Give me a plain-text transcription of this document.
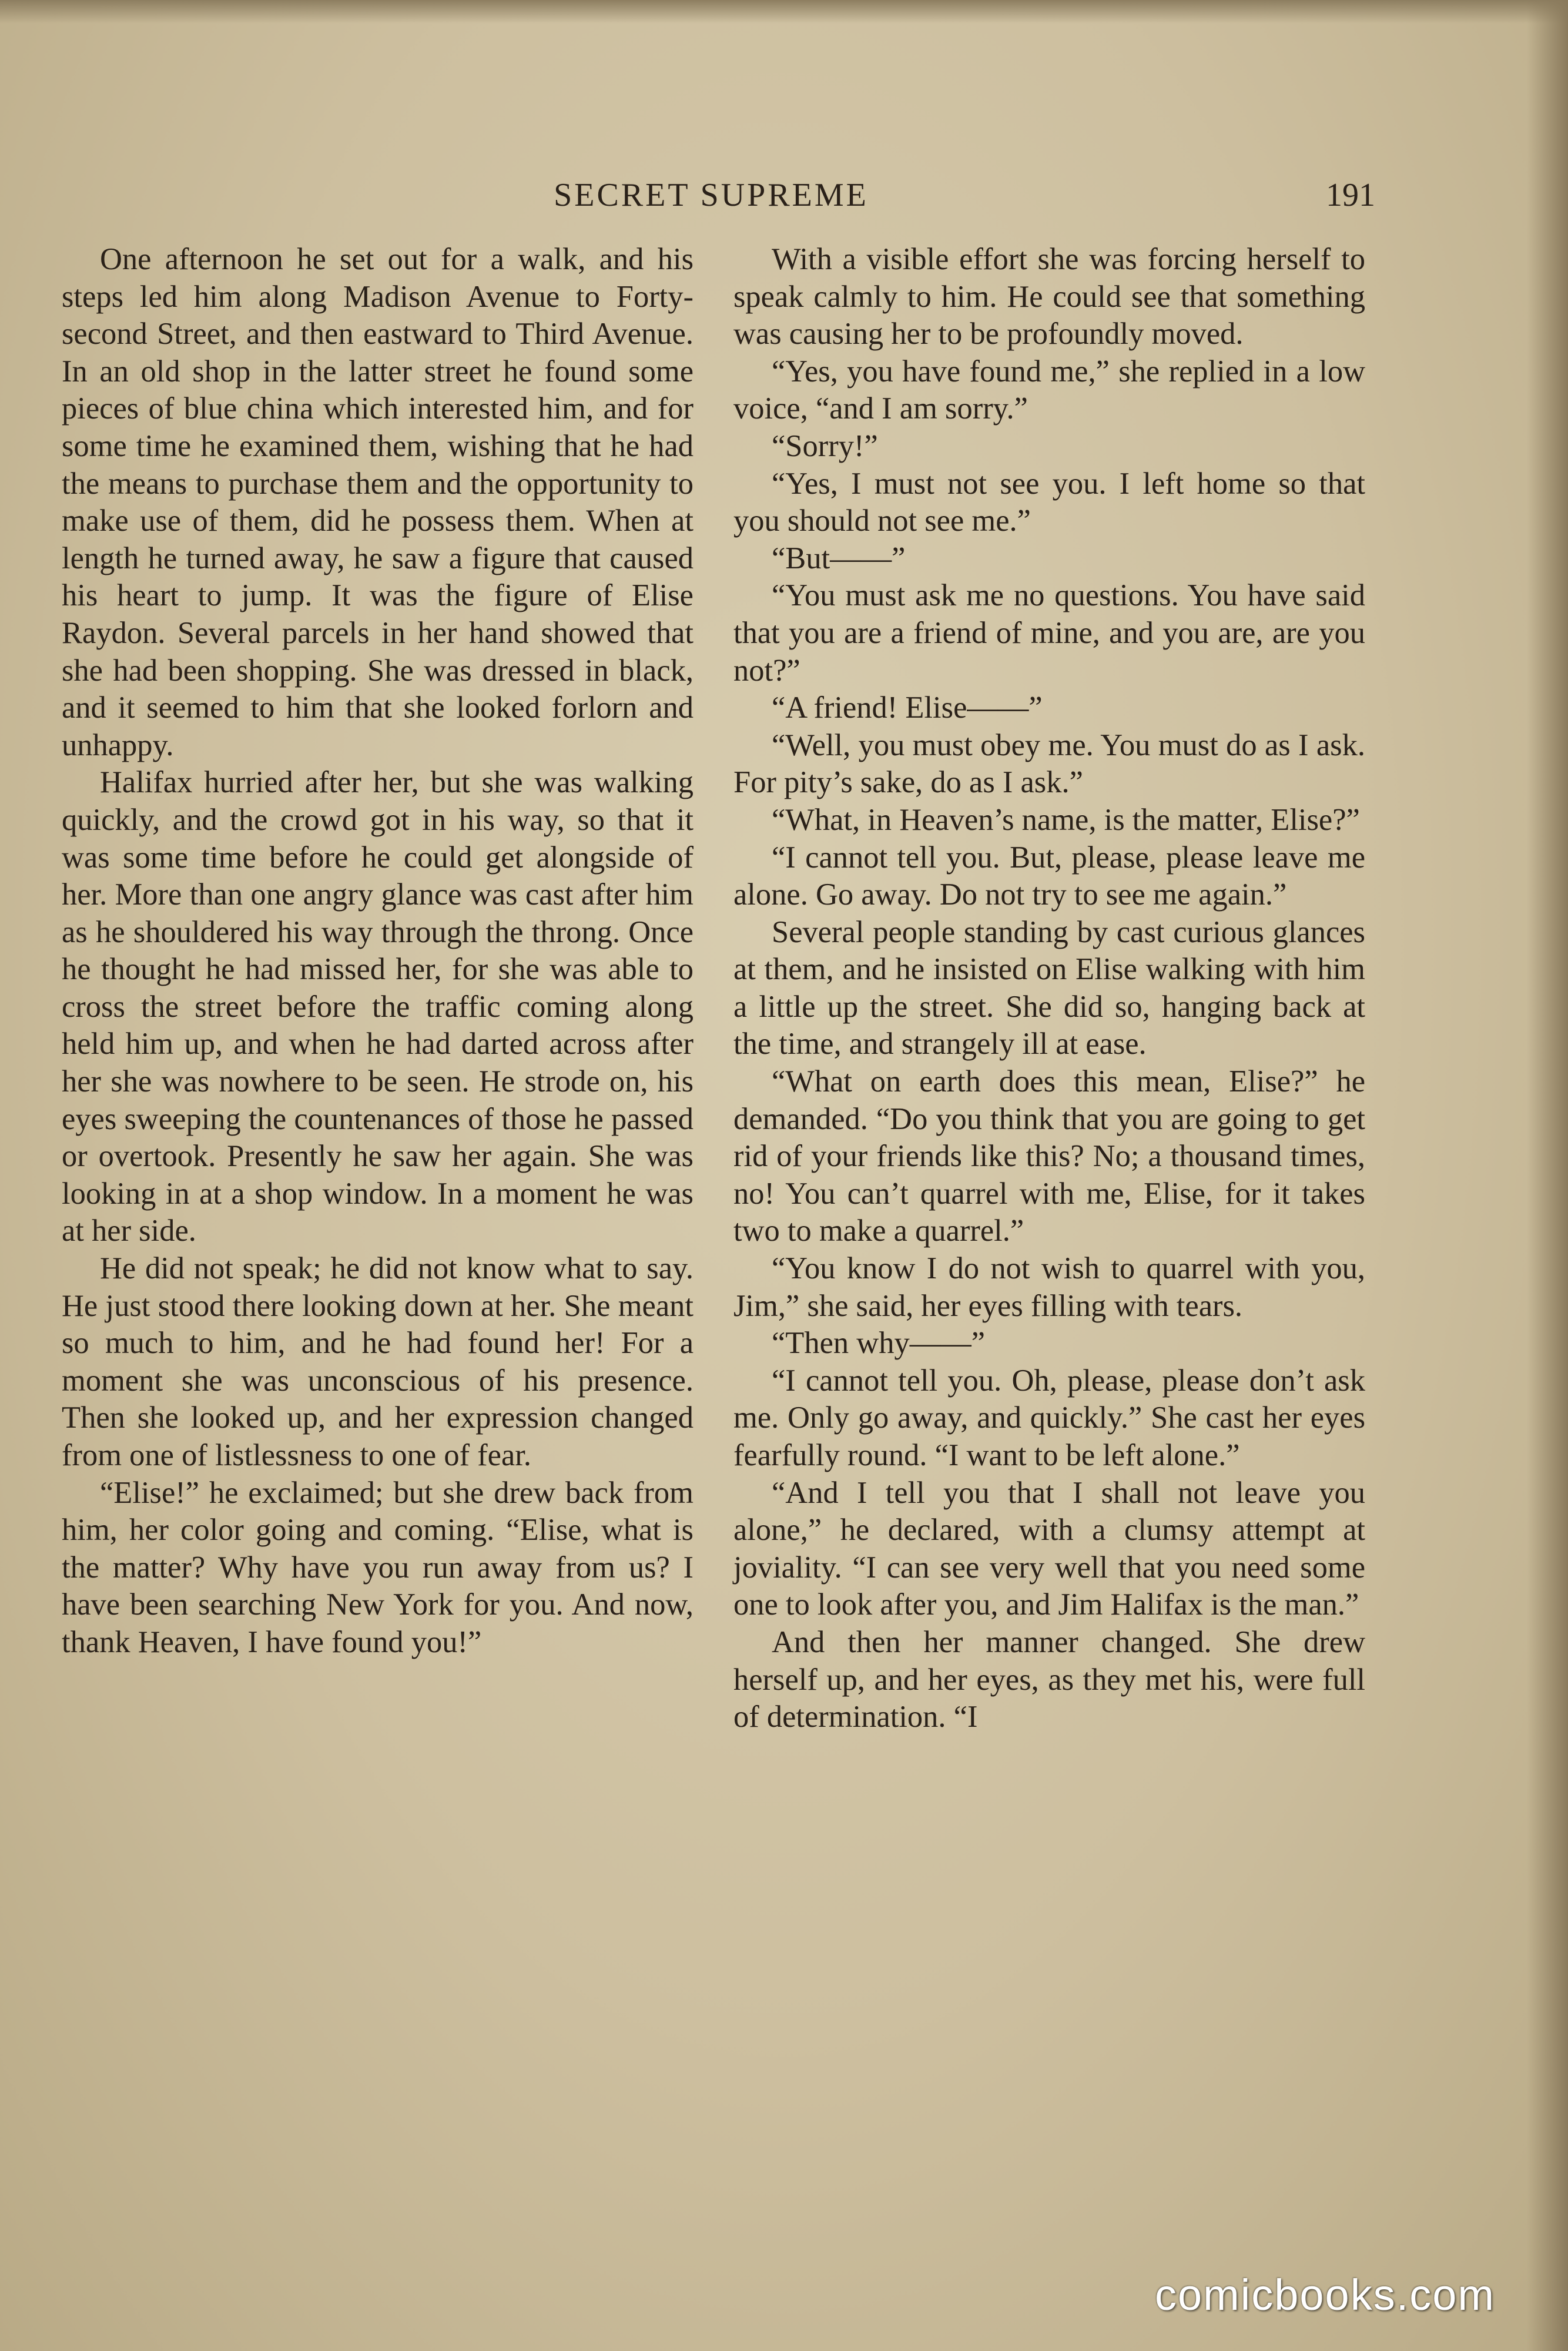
SECRET SUPREME	191

One afternoon he set out for a walk, and his steps led him along Madison Avenue to Forty-second Street, and then eastward to Third Avenue. In an old shop in the latter street he found some pieces of blue china which interested him, and for some time he examined them, wishing that he had the means to purchase them and the opportunity to make use of them, did he possess them. When at length he turned away, he saw a figure that caused his heart to jump. It was the figure of Elise Raydon. Several parcels in her hand showed that she had been shopping. She was dressed in black, and it seemed to him that she looked forlorn and unhappy.

Halifax hurried after her, but she was walking quickly, and the crowd got in his way, so that it was some time before he could get alongside of her. More than one angry glance was cast after him as he shouldered his way through the throng. Once he thought he had missed her, for she was able to cross the street before the traffic coming along held him up, and when he had darted across after her she was nowhere to be seen. He strode on, his eyes sweeping the countenances of those he passed or overtook. Presently he saw her again. She was looking in at a shop window. In a moment he was at her side.

He did not speak; he did not know what to say. He just stood there looking down at her. She meant so much to him, and he had found her! For a moment she was unconscious of his presence. Then she looked up, and her expression changed from one of listlessness to one of fear.

“Elise!” he exclaimed; but she drew back from him, her color going and coming. “Elise, what is the matter? Why have you run away from us? I have been searching New York for you. And now, thank Heaven, I have found you!”

With a visible effort she was forcing herself to speak calmly to him. He could see that something was causing her to be profoundly moved.

“Yes, you have found me,” she replied in a low voice, “and I am sorry.”

“Sorry!”

“Yes, I must not see you. I left home so that you should not see me.”

“But——”

“You must ask me no questions. You have said that you are a friend of mine, and you are, are you not?”

“A friend! Elise——”

“Well, you must obey me. You must do as I ask. For pity’s sake, do as I ask.”

“What, in Heaven’s name, is the matter, Elise?”

“I cannot tell you. But, please, please leave me alone. Go away. Do not try to see me again.”

Several people standing by cast curious glances at them, and he insisted on Elise walking with him a little up the street. She did so, hanging back at the time, and strangely ill at ease.

“What on earth does this mean, Elise?” he demanded. “Do you think that you are going to get rid of your friends like this? No; a thousand times, no! You can’t quarrel with me, Elise, for it takes two to make a quarrel.”

“You know I do not wish to quarrel with you, Jim,” she said, her eyes filling with tears.

“Then why——”

“I cannot tell you. Oh, please, please don’t ask me. Only go away, and quickly.” She cast her eyes fearfully round. “I want to be left alone.”

“And I tell you that I shall not leave you alone,” he declared, with a clumsy attempt at joviality. “I can see very well that you need some one to look after you, and Jim Halifax is the man.”

And then her manner changed. She drew herself up, and her eyes, as they met his, were full of determination. “I

comicbooks.com
